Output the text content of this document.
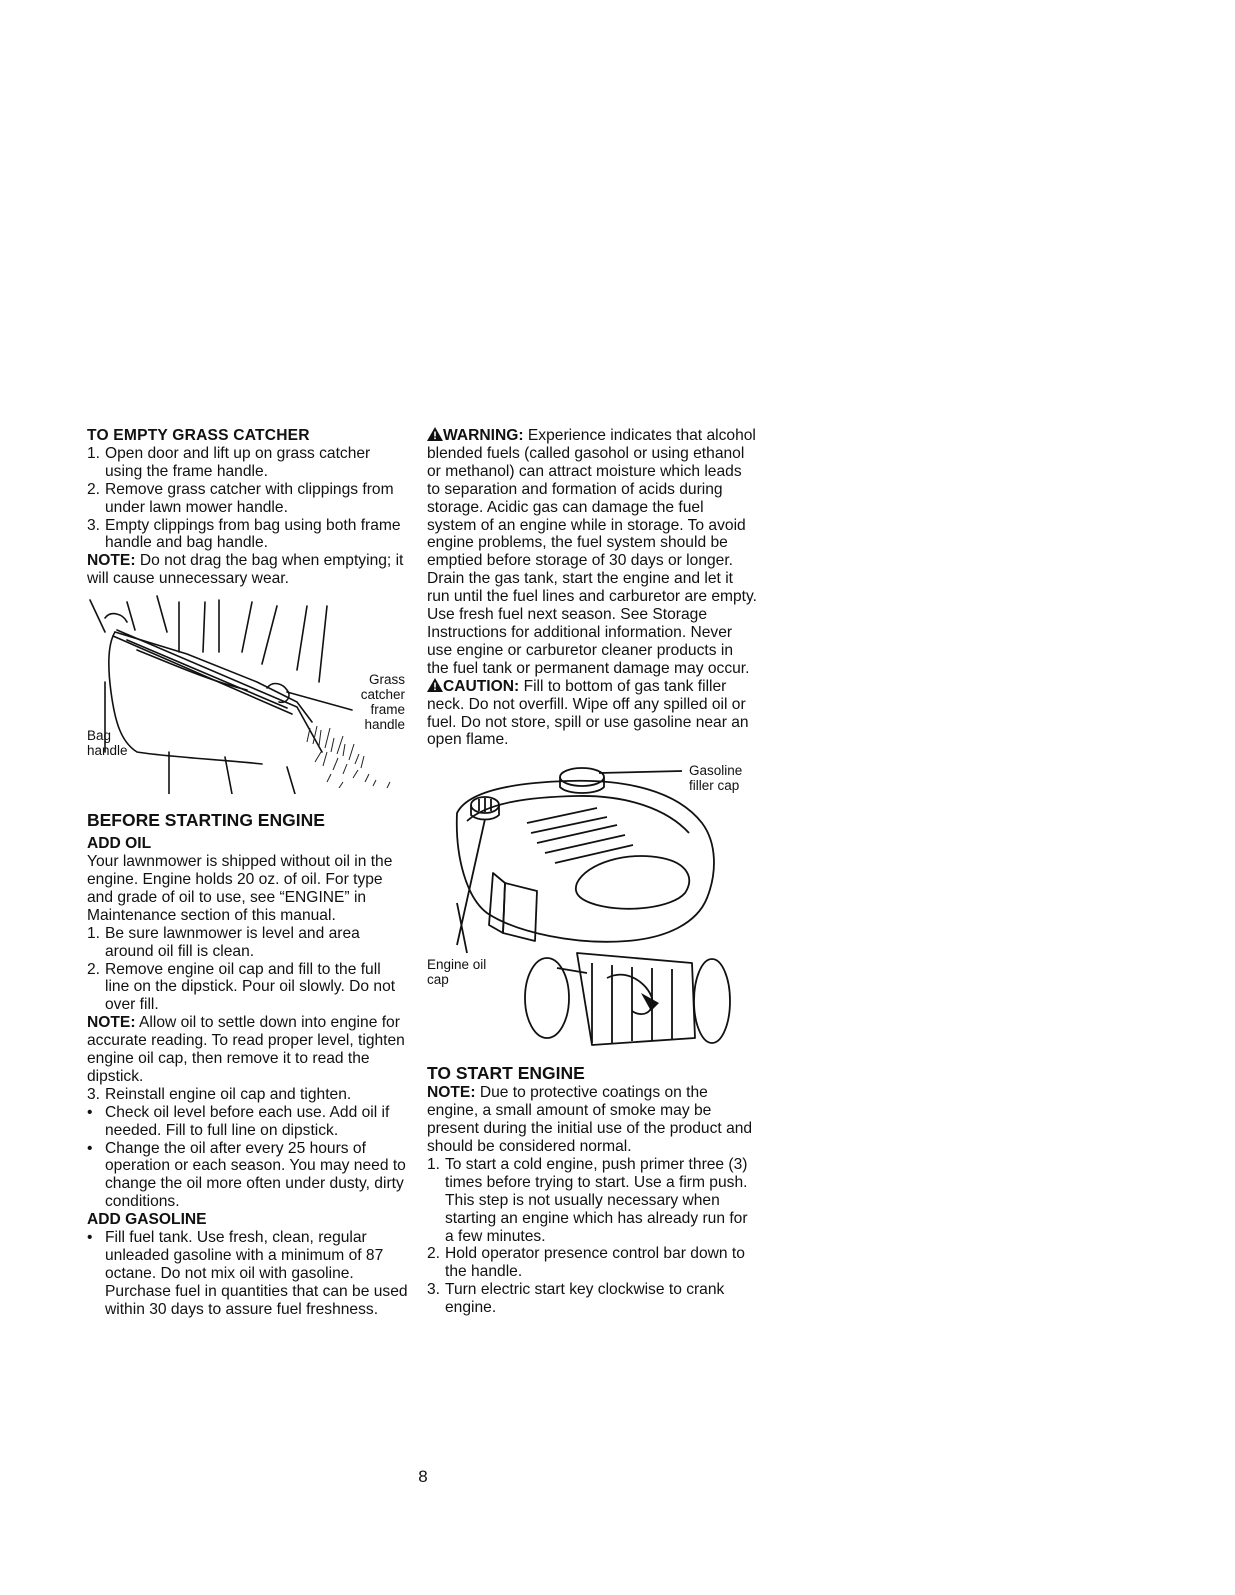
TO EMPTY GRASS CATCHER
1. Open door and lift up on grass catcher using the frame handle.
2. Remove grass catcher with clippings from under lawn mower handle.
3. Empty clippings from bag using both frame handle and bag handle.

NOTE: Do not drag the bag when emptying; it will cause unnecessary wear.

Grass catcher frame handle
Bag handle
BEFORE STARTING ENGINE
ADD OIL

Your lawnmower is shipped without oil in the engine. Engine holds 20 oz. of oil. For type and grade of oil to use, see “ENGINE” in Maintenance section of this manual.

1. Be sure lawnmower is level and area around oil fill is clean.
2. Remove engine oil cap and fill to the full line on the dipstick. Pour oil slowly. Do not over fill.

NOTE: Allow oil to settle down into engine for accurate reading. To read proper level, tighten engine oil cap, then remove it to read the dipstick.

3. Reinstall engine oil cap and tighten.
• Check oil level before each use. Add oil if needed. Fill to full line on dipstick.
• Change the oil after every 25 hours of operation or each season. You may need to change the oil more often under dusty, dirty conditions.
ADD GASOLINE
• Fill fuel tank. Use fresh, clean, regular unleaded gasoline with a minimum of 87 octane. Do not mix oil with gasoline. Purchase fuel in quantities that can be used within 30 days to assure fuel freshness.

WARNING: Experience indicates that alcohol blended fuels (called gasohol or using ethanol or methanol) can attract moisture which leads to separation and formation of acids during storage. Acidic gas can damage the fuel system of an engine while in storage. To avoid engine problems, the fuel system should be emptied before storage of 30 days or longer. Drain the gas tank, start the engine and let it run until the fuel lines and carburetor are empty. Use fresh fuel next season. See Storage Instructions for additional information. Never use engine or carburetor cleaner products in the fuel tank or permanent damage may occur.

CAUTION: Fill to bottom of gas tank filler neck. Do not overfill. Wipe off any spilled oil or fuel. Do not store, spill or use gasoline near an open flame.

Gasoline filler cap
Engine oil cap
TO START ENGINE

NOTE: Due to protective coatings on the engine, a small amount of smoke may be present during the initial use of the product and should be considered normal.

1. To start a cold engine, push primer three (3) times before trying to start. Use a firm push. This step is not usually necessary when starting an engine which has already run for a few minutes.
2. Hold operator presence control bar down to the handle.
3. Turn electric start key clockwise to crank engine.
8
